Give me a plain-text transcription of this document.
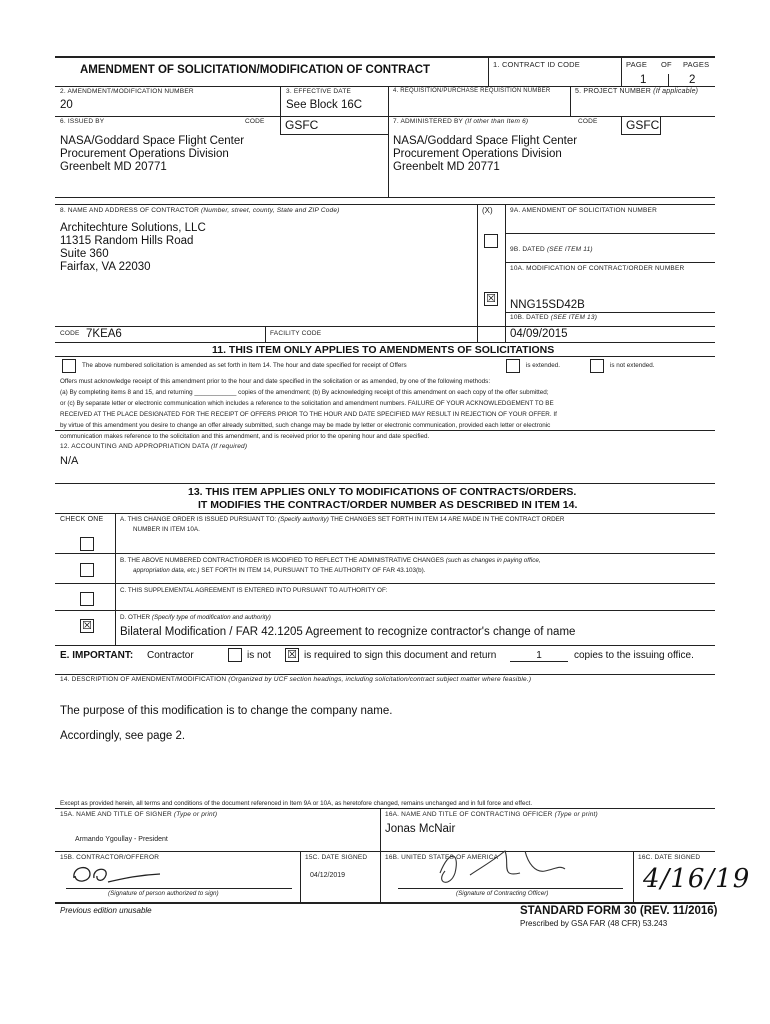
AMENDMENT OF SOLICITATION/MODIFICATION OF CONTRACT	1. CONTRACT ID CODE	PAGE OF PAGES
1	2
2. AMENDMENT/MODIFICATION NUMBER
20
3. EFFECTIVE DATE
See Block 16C
4. REQUISITION/PURCHASE REQUISITION NUMBER	5. PROJECT NUMBER (If applicable)
6. ISSUED BY	CODE GSFC
NASA/Goddard Space Flight Center
Procurement Operations Division
Greenbelt MD 20771
7. ADMINISTERED BY (If other than Item 6)	CODE GSFC
NASA/Goddard Space Flight Center
Procurement Operations Division
Greenbelt MD 20771
8. NAME AND ADDRESS OF CONTRACTOR (Number, street, county, State and ZIP Code)
Architechture Solutions, LLC
11315 Random Hills Road
Suite 360
Fairfax, VA 22030
(X)	9A. AMENDMENT OF SOLICITATION NUMBER
9B. DATED (SEE ITEM 11)
10A. MODIFICATION OF CONTRACT/ORDER NUMBER
☒
NNG15SD42B
10B. DATED (SEE ITEM 13)
04/09/2015
CODE 7KEA6	FACILITY CODE
11. THIS ITEM ONLY APPLIES TO AMENDMENTS OF SOLICITATIONS
The above numbered solicitation is amended as set forth in Item 14. The hour and date specified for receipt of Offers	is extended.	is not extended.
Offers must acknowledge receipt of this amendment prior to the hour and date specified in the solicitation or as amended, by one of the following methods:
(a) By completing items 8 and 15, and returning ____________ copies of the amendment; (b) By acknowledging receipt of this amendment on each copy of the offer submitted;
or (c) By separate letter or electronic communication which includes a reference to the solicitation and amendment numbers. FAILURE OF YOUR ACKNOWLEDGEMENT TO BE
RECEIVED AT THE PLACE DESIGNATED FOR THE RECEIPT OF OFFERS PRIOR TO THE HOUR AND DATE SPECIFIED MAY RESULT IN REJECTION OF YOUR OFFER. If
by virtue of this amendment you desire to change an offer already submitted, such change may be made by letter or electronic communication, provided each letter or electronic
communication makes reference to the solicitation and this amendment, and is received prior to the opening hour and date specified.
12. ACCOUNTING AND APPROPRIATION DATA (If required)
N/A
13. THIS ITEM APPLIES ONLY TO MODIFICATIONS OF CONTRACTS/ORDERS.
IT MODIFIES THE CONTRACT/ORDER NUMBER AS DESCRIBED IN ITEM 14.
CHECK ONE	A. THIS CHANGE ORDER IS ISSUED PURSUANT TO: (Specify authority) THE CHANGES SET FORTH IN ITEM 14 ARE MADE IN THE CONTRACT ORDER
NUMBER IN ITEM 10A.
B. THE ABOVE NUMBERED CONTRACT/ORDER IS MODIFIED TO REFLECT THE ADMINISTRATIVE CHANGES (such as changes in paying office,
appropriation data, etc.) SET FORTH IN ITEM 14, PURSUANT TO THE AUTHORITY OF FAR 43.103(b).
C. THIS SUPPLEMENTAL AGREEMENT IS ENTERED INTO PURSUANT TO AUTHORITY OF:
D. OTHER (Specify type of modification and authority)
Bilateral Modification / FAR 42.1205 Agreement to recognize contractor's change of name
☒
E. IMPORTANT: Contractor	is not ☒ is required to sign this document and return	1	copies to the issuing office.
14. DESCRIPTION OF AMENDMENT/MODIFICATION (Organized by UCF section headings, including solicitation/contract subject matter where feasible.)
The purpose of this modification is to change the company name.
Accordingly, see page 2.
Except as provided herein, all terms and conditions of the document referenced in Item 9A or 10A, as heretofore changed, remains unchanged and in full force and effect.
15A. NAME AND TITLE OF SIGNER (Type or print)
Armando Ygoullay - President
16A. NAME AND TITLE OF CONTRACTING OFFICER (Type or print)
Jonas McNair
15B. CONTRACTOR/OFFEROR
(Signature of person authorized to sign)
15C. DATE SIGNED
04/12/2019
16B. UNITED STATES OF AMERICA
(Signature of Contracting Officer)
16C. DATE SIGNED
4/16/19
Previous edition unusable	STANDARD FORM 30 (REV. 11/2016)
Prescribed by GSA FAR (48 CFR) 53.243
